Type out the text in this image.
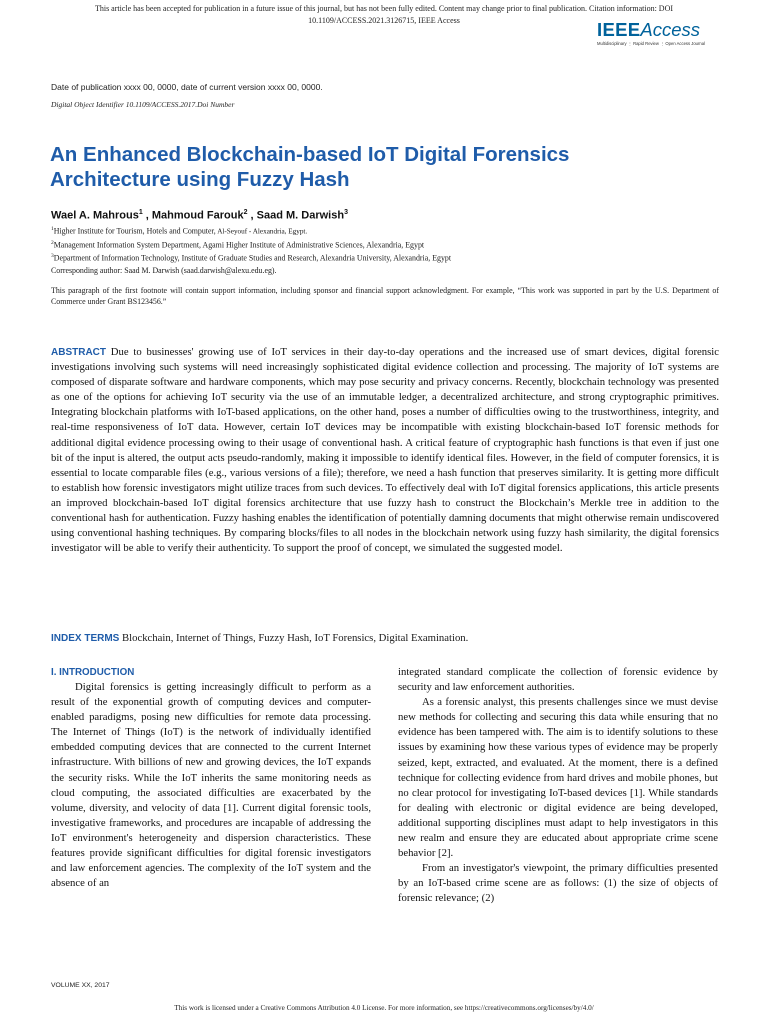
This article has been accepted for publication in a future issue of this journal, but has not been fully edited. Content may change prior to final publication. Citation information: DOI
10.1109/ACCESS.2021.3126715, IEEE Access	IEEEAccess
Multidisciplinary ⋮ Rapid Review ⋮ Open Access Journal
Date of publication xxxx 00, 0000, date of current version xxxx 00, 0000.
Digital Object Identifier 10.1109/ACCESS.2017.Doi Number
An Enhanced Blockchain-based IoT Digital Forensics
Architecture using Fuzzy Hash
Wael A. Mahrous$^1$ , Mahmoud Farouk$^2$ , Saad M. Darwish$^3$
$^1$Higher Institute for Tourism, Hotels and Computer, Al-Seyouf - Alexandria, Egypt.
$^2$Management Information System Department, Agami Higher Institute of Administrative Sciences, Alexandria, Egypt
$^3$Department of Information Technology, Institute of Graduate Studies and Research, Alexandria University, Alexandria, Egypt
Corresponding author: Saad M. Darwish (saad.darwish@alexu.edu.eg).
This paragraph of the first footnote will contain support information, including sponsor and financial support acknowledgment. For example, “This work was supported in part by the U.S. Department of Commerce under Grant BS123456.”

ABSTRACT Due to businesses' growing use of IoT services in their day-to-day operations and the increased use of smart devices, digital forensic investigations involving such systems will need increasingly sophisticated digital evidence collection and processing. The majority of IoT systems are composed of disparate software and hardware components, which may pose security and privacy concerns. Recently, blockchain technology was presented as one of the options for achieving IoT security via the use of an immutable ledger, a decentralized architecture, and strong cryptographic primitives. Integrating blockchain platforms with IoT-based applications, on the other hand, poses a number of difficulties owing to the trustworthiness, integrity, and real-time responsiveness of IoT data. However, certain IoT devices may be incompatible with existing blockchain-based IoT forensic methods for additional digital evidence processing owing to their usage of conventional hash. A critical feature of cryptographic hash functions is that even if just one bit of the input is altered, the output acts pseudo-randomly, making it impossible to identify identical files. However, in the field of computer forensics, it is essential to locate comparable files (e.g., various versions of a file); therefore, we need a hash function that preserves similarity. It is getting more difficult to establish how forensic investigators might utilize traces from such devices. To effectively deal with IoT digital forensics applications, this article presents an improved blockchain-based IoT digital forensics architecture that use fuzzy hash to construct the Blockchain’s Merkle tree in addition to the conventional hash for authentication. Fuzzy hashing enables the identification of potentially damning documents that might otherwise remain undiscovered using conventional hashing techniques. By comparing blocks/files to all nodes in the blockchain network using fuzzy hash similarity, the digital forensics investigator will be able to verify their authenticity. To support the proof of concept, we simulated the suggested model.

INDEX TERMS Blockchain, Internet of Things, Fuzzy Hash, IoT Forensics, Digital Examination.
I. INTRODUCTION

Digital forensics is getting increasingly difficult to perform as a result of the exponential growth of computing devices and computer-enabled paradigms, posing new difficulties for remote data processing. The Internet of Things (IoT) is the network of individually identified embedded computing devices that are connected to the current Internet infrastructure. With billions of new and growing devices, the IoT expands the security risks. While the IoT inherits the same monitoring needs as cloud computing, the associated difficulties are exacerbated by the volume, diversity, and velocity of data [1]. Current digital forensic tools, investigative frameworks, and procedures are incapable of addressing the IoT environment's heterogeneity and dispersion characteristics. These features provide significant difficulties for digital forensic investigators and law enforcement agencies. The complexity of the IoT system and the absence of an

integrated standard complicate the collection of forensic evidence by security and law enforcement authorities.

As a forensic analyst, this presents challenges since we must devise new methods for collecting and securing this data while ensuring that no evidence has been tampered with. The aim is to identify solutions to these issues by examining how these various types of evidence may be properly seized, kept, extracted, and evaluated. At the moment, there is a defined technique for collecting evidence from hard drives and mobile phones, but no clear protocol for investigating IoT-based devices [1]. While standards for dealing with electronic or digital evidence are being developed, additional supporting disciplines must adapt to help investigators in this new realm and ensure they are educated about appropriate crime scene behavior [2].

From an investigator's viewpoint, the primary difficulties presented by an IoT-based crime scene are as follows: (1) the size of objects of forensic relevance; (2)

VOLUME XX, 2017
This work is licensed under a Creative Commons Attribution 4.0 License. For more information, see https://creativecommons.org/licenses/by/4.0/
